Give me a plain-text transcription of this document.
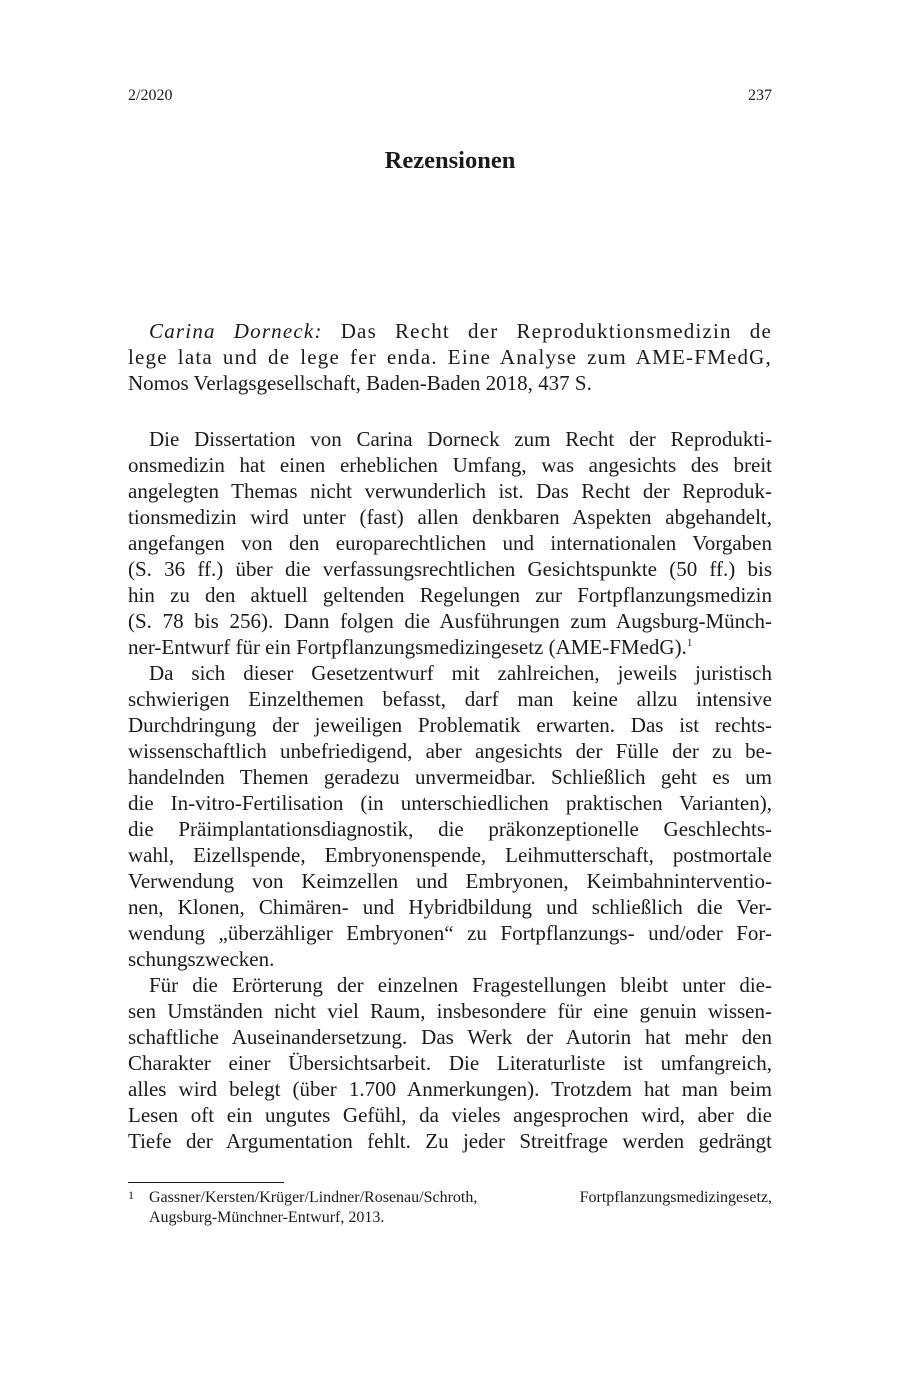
2/2020	237
Rezensionen

Carina Dorneck: Das Recht der Reproduktionsmedizin de
lege lata und de lege fer enda. Eine Analyse zum AME-FMedG,
Nomos Verlagsgesellschaft, Baden-Baden 2018, 437 S.

Die Dissertation von Carina Dorneck zum Recht der Reprodukti-
onsmedizin hat einen erheblichen Umfang, was angesichts des breit
angelegten Themas nicht verwunderlich ist. Das Recht der Reproduk-
tionsmedizin wird unter (fast) allen denkbaren Aspekten abgehandelt,
angefangen von den europarechtlichen und internationalen Vorgaben
(S. 36 ff.) über die verfassungsrechtlichen Gesichtspunkte (50 ff.) bis
hin zu den aktuell geltenden Regelungen zur Fortpflanzungsmedizin
(S. 78 bis 256). Dann folgen die Ausführungen zum Augsburg-Münch-
ner-Entwurf für ein Fortpflanzungsmedizingesetz (AME-FMedG).$^1$
Da sich dieser Gesetzentwurf mit zahlreichen, jeweils juristisch
schwierigen Einzelthemen befasst, darf man keine allzu intensive
Durchdringung der jeweiligen Problematik erwarten. Das ist rechts-
wissenschaftlich unbefriedigend, aber angesichts der Fülle der zu be-
handelnden Themen geradezu unvermeidbar. Schließlich geht es um
die In-vitro-Fertilisation (in unterschiedlichen praktischen Varianten),
die Präimplantationsdiagnostik, die präkonzeptionelle Geschlechts-
wahl, Eizellspende, Embryonenspende, Leihmutterschaft, postmortale
Verwendung von Keimzellen und Embryonen, Keimbahninterventio-
nen, Klonen, Chimären- und Hybridbildung und schließlich die Ver-
wendung „überzähliger Embryonen“ zu Fortpflanzungs- und/oder For-
schungszwecken.
Für die Erörterung der einzelnen Fragestellungen bleibt unter die-
sen Umständen nicht viel Raum, insbesondere für eine genuin wissen-
schaftliche Auseinandersetzung. Das Werk der Autorin hat mehr den
Charakter einer Übersichtsarbeit. Die Literaturliste ist umfangreich,
alles wird belegt (über 1.700 Anmerkungen). Trotzdem hat man beim
Lesen oft ein ungutes Gefühl, da vieles angesprochen wird, aber die
Tiefe der Argumentation fehlt. Zu jeder Streitfrage werden gedrängt
1 Gassner/Kersten/Krüger/Lindner/Rosenau/Schroth, Fortpflanzungsmedizingesetz,
Augsburg-Münchner-Entwurf, 2013.
